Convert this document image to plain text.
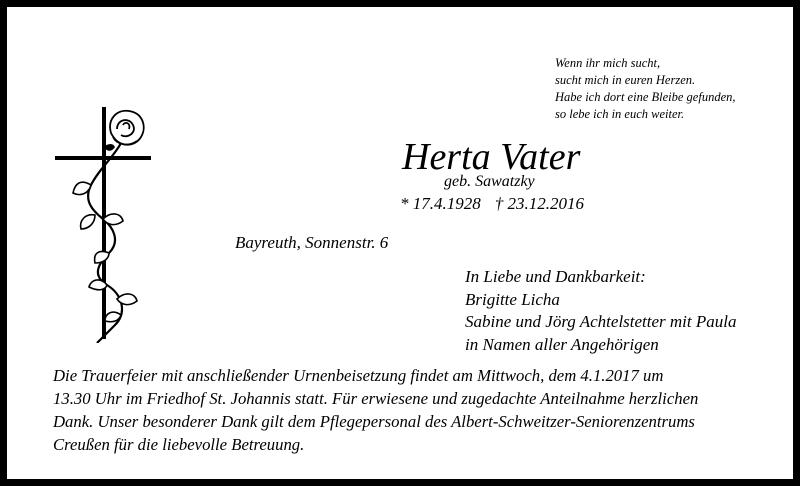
Wenn ihr mich sucht,
sucht mich in euren Herzen.
Habe ich dort eine Bleibe gefunden,
so lebe ich in euch weiter.
Herta Vater
geb. Sawatzky
* 17.4.1928 † 23.12.2016
Bayreuth, Sonnenstr. 6
In Liebe und Dankbarkeit:
Brigitte Licha
Sabine und Jörg Achtelstetter mit Paula
in Namen aller Angehörigen
Die Trauerfeier mit anschließender Urnenbeisetzung findet am Mittwoch, dem 4.1.2017 um
13.30 Uhr im Friedhof St. Johannis statt. Für erwiesene und zugedachte Anteilnahme herzlichen
Dank. Unser besonderer Dank gilt dem Pflegepersonal des Albert-Schweitzer-Seniorenzentrums
Creußen für die liebevolle Betreuung.
